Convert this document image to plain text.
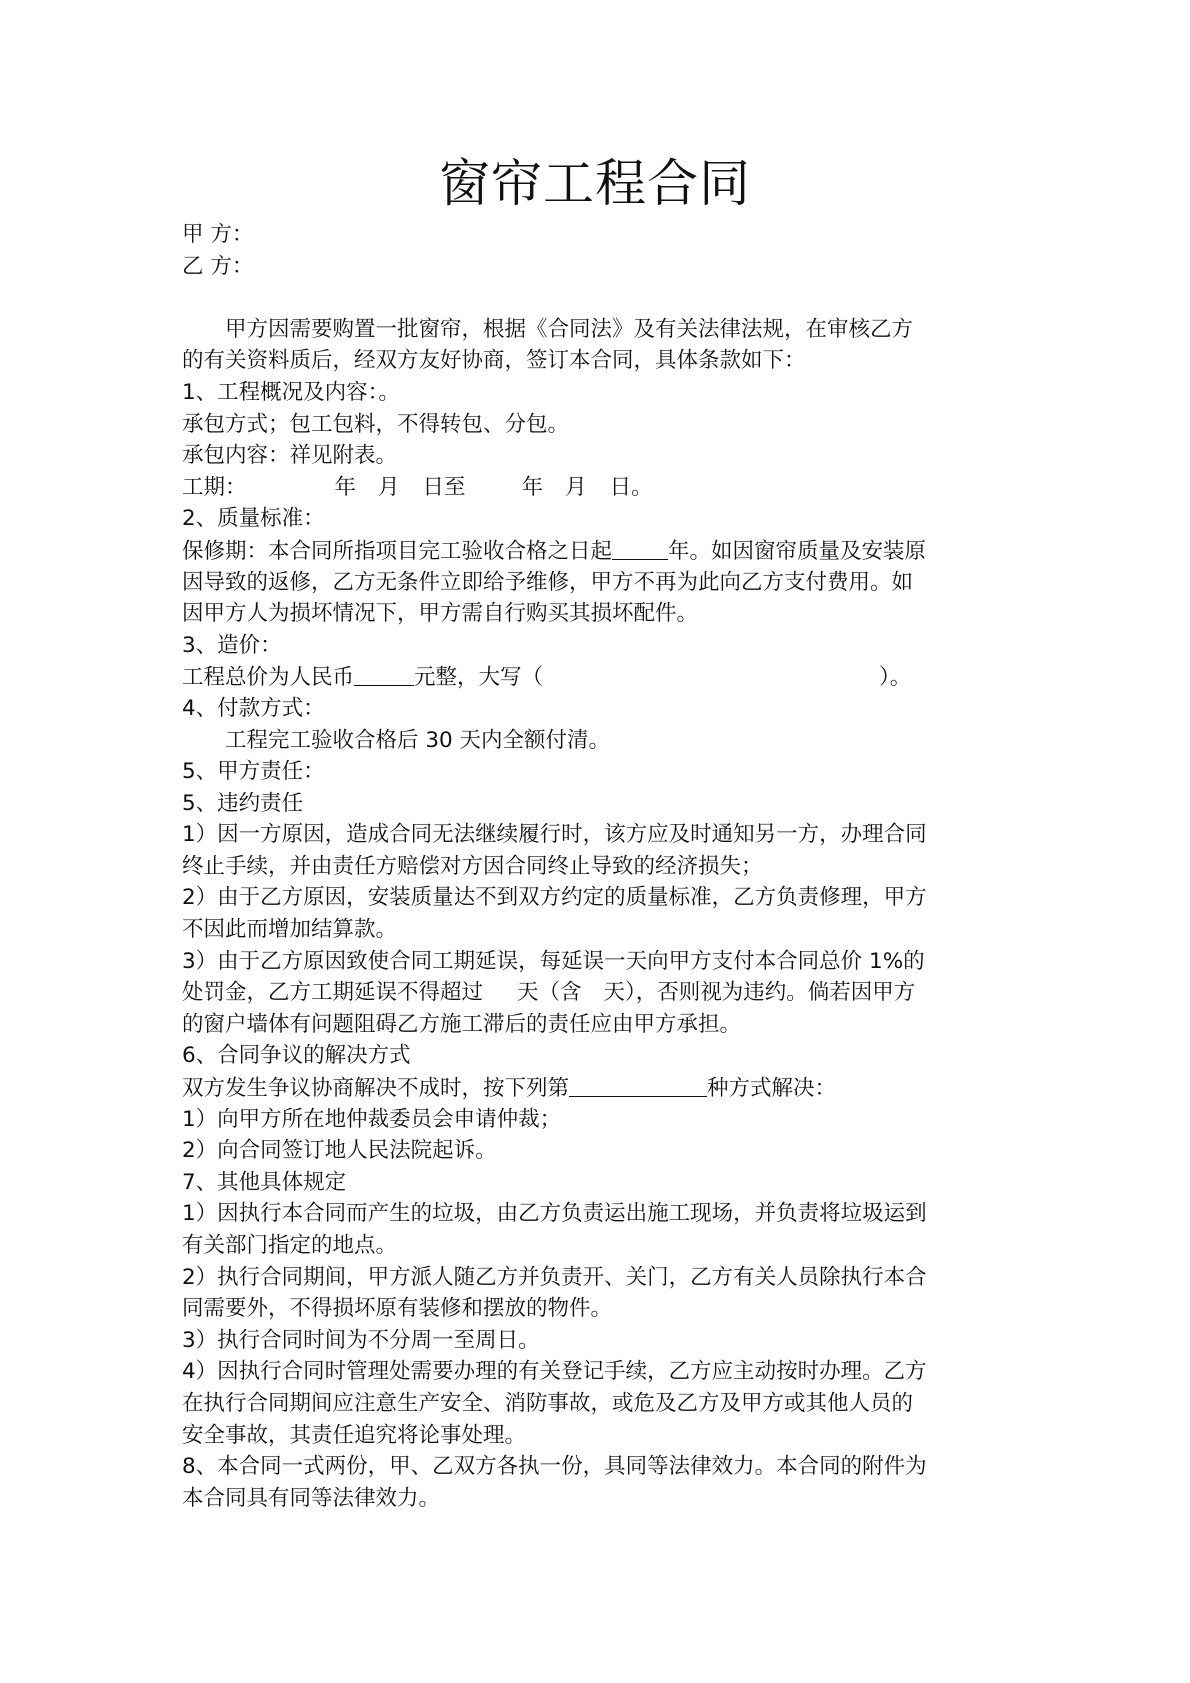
窗帘工程合同
甲 方：
乙 方：
甲方因需要购置一批窗帘，根据《合同法》及有关法律法规，在审核乙方
的有关资料质后，经双方友好协商，签订本合同，具体条款如下：
1、工程概况及内容：。
承包方式；包工包料，不得转包、分包。
承包内容：祥见附表。
工期：	年 月 日至	年 月 日。
2、质量标准：
保修期：本合同所指项目完工验收合格之日起	年。如因窗帘质量及安装原
因导致的返修，乙方无条件立即给予维修，甲方不再为此向乙方支付费用。如
因甲方人为损坏情况下，甲方需自行购买其损坏配件。
3、造价：
工程总价为人民币	元整，大写（	）。
4、付款方式：
工程完工验收合格后 30 天内全额付清。
5、甲方责任：
5、违约责任
1）因一方原因，造成合同无法继续履行时，该方应及时通知另一方，办理合同
终止手续，并由责任方赔偿对方因合同终止导致的经济损失；
2）由于乙方原因，安装质量达不到双方约定的质量标准，乙方负责修理，甲方
不因此而增加结算款。
3）由于乙方原因致使合同工期延误，每延误一天向甲方支付本合同总价 1%的
处罚金，乙方工期延误不得超过 天（含 天），否则视为违约。倘若因甲方
的窗户墙体有问题阻碍乙方施工滞后的责任应由甲方承担。
6、合同争议的解决方式
双方发生争议协商解决不成时，按下列第	种方式解决：
1）向甲方所在地仲裁委员会申请仲裁；
2）向合同签订地人民法院起诉。
7、其他具体规定
1）因执行本合同而产生的垃圾，由乙方负责运出施工现场，并负责将垃圾运到
有关部门指定的地点。
2）执行合同期间，甲方派人随乙方并负责开、关门，乙方有关人员除执行本合
同需要外，不得损坏原有装修和摆放的物件。
3）执行合同时间为不分周一至周日。
4）因执行合同时管理处需要办理的有关登记手续，乙方应主动按时办理。乙方
在执行合同期间应注意生产安全、消防事故，或危及乙方及甲方或其他人员的
安全事故，其责任追究将论事处理。
8、本合同一式两份，甲、乙双方各执一份，具同等法律效力。本合同的附件为
本合同具有同等法律效力。
